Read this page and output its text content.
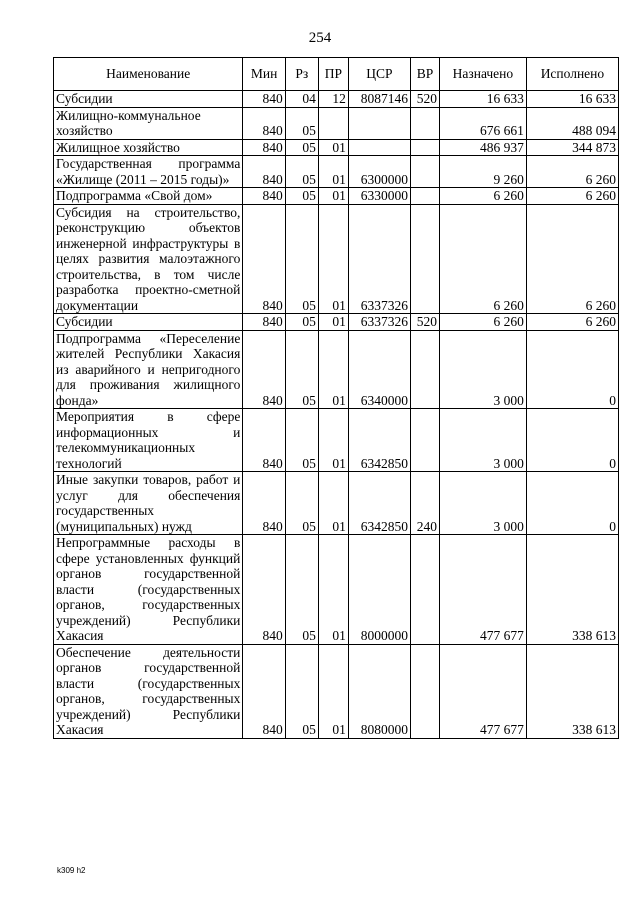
254
Наименование	Мин	Рз	ПР	ЦСР	ВР	Назначено	Исполнено
Субсидии	840	04	12	8087146	520	16 633	16 633
Жилищно-коммунальное хозяйство	840	05				676 661	488 094
Жилищное хозяйство	840	05	01			486 937	344 873
Государственная программа «Жилище (2011 – 2015 годы)»	840	05	01	6300000		9 260	6 260
Подпрограмма «Свой дом»	840	05	01	6330000		6 260	6 260
Субсидия на строительство, реконструкцию объектов инженерной инфраструктуры в целях развития малоэтажного строительства, в том числе разработка проектно-сметной документации	840	05	01	6337326		6 260	6 260
Субсидии	840	05	01	6337326	520	6 260	6 260
Подпрограмма «Переселение жителей Республики Хакасия из аварийного и непригодного для проживания жилищного фонда»	840	05	01	6340000		3 000	0
Мероприятия в сфере информационных и телекоммуникационных технологий	840	05	01	6342850		3 000	0
Иные закупки товаров, работ и услуг для обеспечения государственных (муниципальных) нужд	840	05	01	6342850	240	3 000	0
Непрограммные расходы в сфере установленных функций органов государственной власти (государственных органов, государственных учреждений) Республики Хакасия	840	05	01	8000000		477 677	338 613
Обеспечение деятельности органов государственной власти (государственных органов, государственных учреждений) Республики Хакасия	840	05	01	8080000		477 677	338 613
k309 h2
